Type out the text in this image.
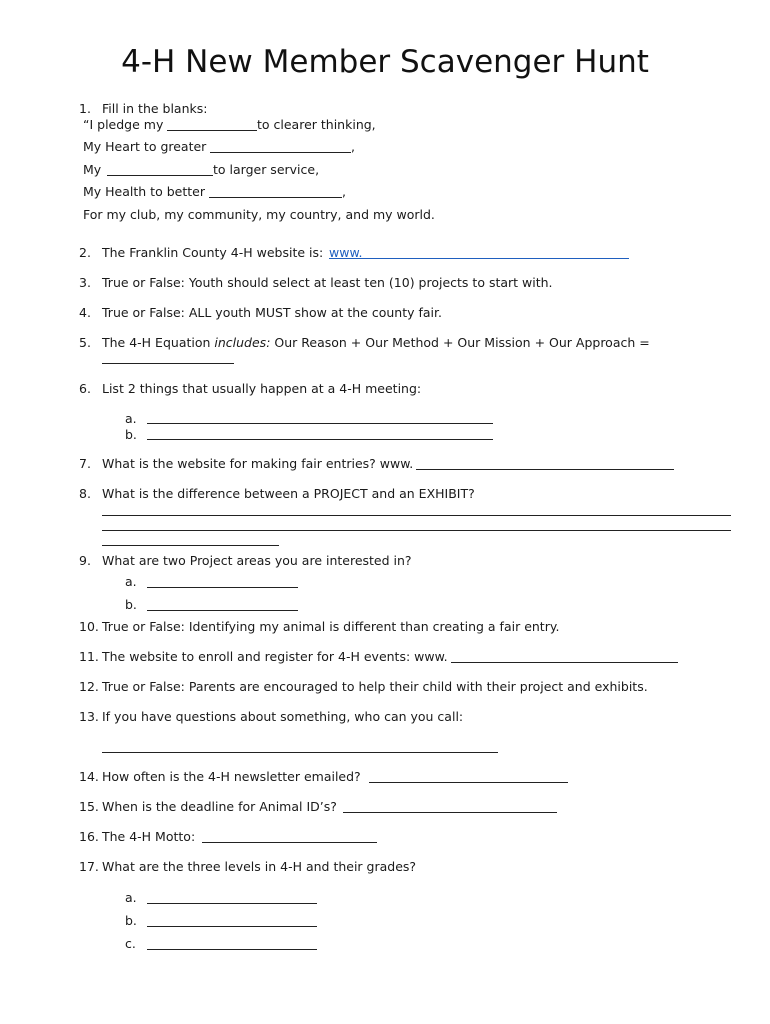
4-H New Member Scavenger Hunt
1. Fill in the blanks:
“I pledge my	to clearer thinking,
My Heart to greater	,
My	to larger service,
My Health to better	,
For my club, my community, my country, and my world.
2. The Franklin County 4-H website is: www.
3. True or False: Youth should select at least ten (10) projects to start with.
4. True or False: ALL youth MUST show at the county fair.
5. The 4-H Equation includes: Our Reason + Our Method + Our Mission + Our Approach =
6. List 2 things that usually happen at a 4-H meeting:
a.
b.
7. What is the website for making fair entries? www.
8. What is the difference between a PROJECT and an EXHIBIT?
9. What are two Project areas you are interested in?
a.
b.
10. True or False: Identifying my animal is different than creating a fair entry.
11. The website to enroll and register for 4-H events: www.
12. True or False: Parents are encouraged to help their child with their project and exhibits.
13. If you have questions about something, who can you call:
14. How often is the 4-H newsletter emailed?
15. When is the deadline for Animal ID’s?
16. The 4-H Motto:
17. What are the three levels in 4-H and their grades?
a.
b.
c.
